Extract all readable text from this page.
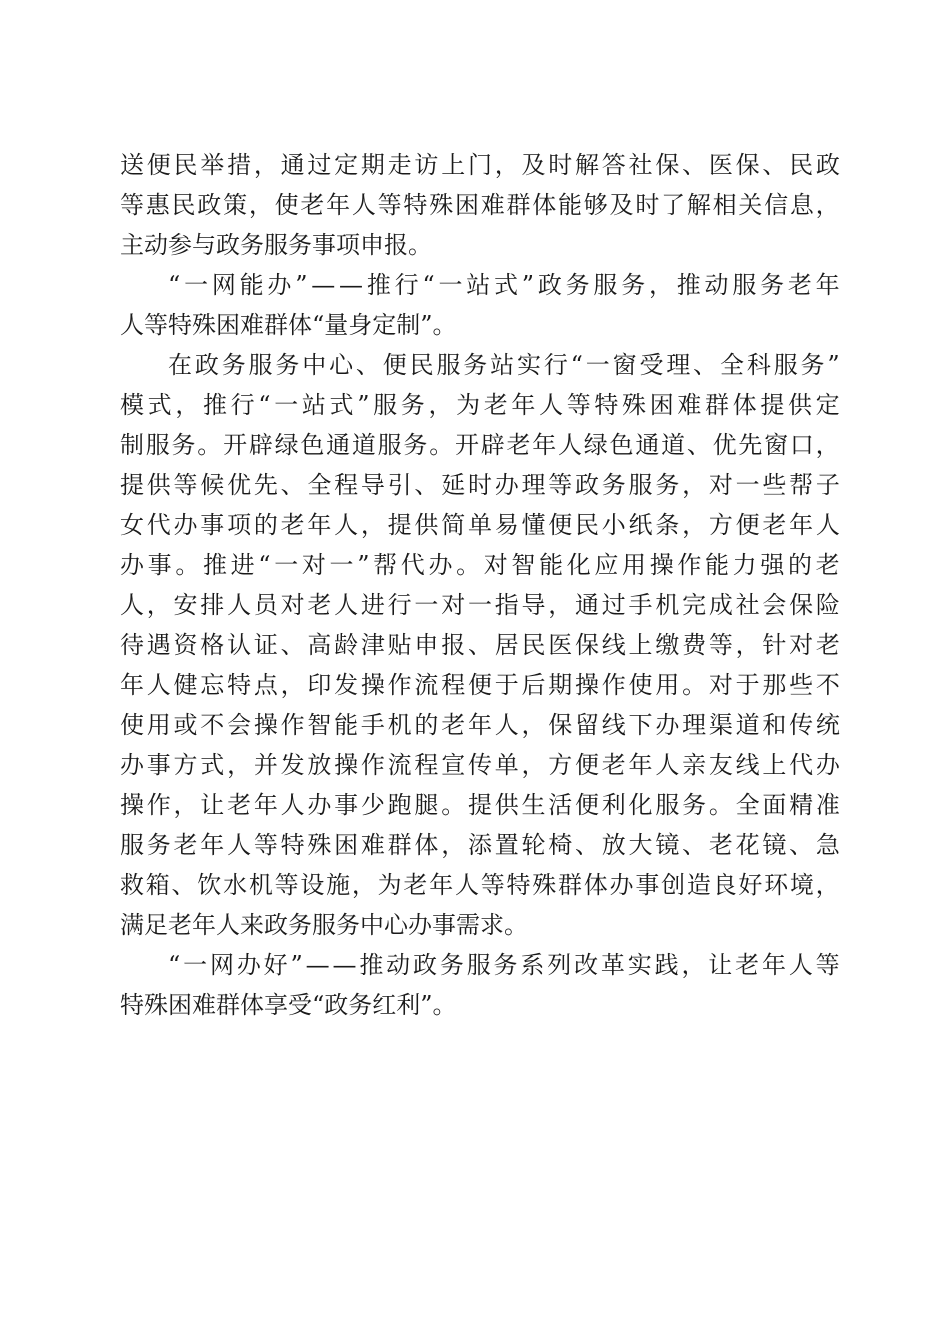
送 便 民 举 措 ， 通 过 定 期 走 访 上 门 ， 及 时 解 答 社 保 、 医 保 、 民 政
等 惠 民 政 策 ， 使 老 年 人 等 特 殊 困 难 群 体 能 够 及 时 了 解 相 关 信 息 ，
主动参与政务服务事项申报。
“ 一 网 能 办 ” — — 推 行 “ 一 站 式 ” 政 务 服 务 ， 推 动 服 务 老 年
人等特殊困难群体“量身定制”。
在 政 务 服 务 中 心 、 便 民 服 务 站 实 行 “ 一 窗 受 理 、 全 科 服 务 ”
模 式 ， 推 行 “ 一 站 式 ” 服 务 ， 为 老 年 人 等 特 殊 困 难 群 体 提 供 定
制 服 务 。 开 辟 绿 色 通 道 服 务 。 开 辟 老 年 人 绿 色 通 道 、 优 先 窗 口 ，
提 供 等 候 优 先 、 全 程 导 引 、 延 时 办 理 等 政 务 服 务 ， 对 一 些 帮 子
女 代 办 事 项 的 老 年 人 ， 提 供 简 单 易 懂 便 民 小 纸 条 ， 方 便 老 年 人
办 事 。 推 进 “ 一 对 一 ” 帮 代 办 。 对 智 能 化 应 用 操 作 能 力 强 的 老
人 ， 安 排 人 员 对 老 人 进 行 一 对 一 指 导 ， 通 过 手 机 完 成 社 会 保 险
待 遇 资 格 认 证 、 高 龄 津 贴 申 报 、 居 民 医 保 线 上 缴 费 等 ， 针 对 老
年 人 健 忘 特 点 ， 印 发 操 作 流 程 便 于 后 期 操 作 使 用 。 对 于 那 些 不
使 用 或 不 会 操 作 智 能 手 机 的 老 年 人 ， 保 留 线 下 办 理 渠 道 和 传 统
办 事 方 式 ， 并 发 放 操 作 流 程 宣 传 单 ， 方 便 老 年 人 亲 友 线 上 代 办
操 作 ， 让 老 年 人 办 事 少 跑 腿 。 提 供 生 活 便 利 化 服 务 。 全 面 精 准
服 务 老 年 人 等 特 殊 困 难 群 体 ， 添 置 轮 椅 、 放 大 镜 、 老 花 镜 、 急
救 箱 、 饮 水 机 等 设 施 ， 为 老 年 人 等 特 殊 群 体 办 事 创 造 良 好 环 境 ，
满足老年人来政务服务中心办事需求。
“ 一 网 办 好 ” — — 推 动 政 务 服 务 系 列 改 革 实 践 ， 让 老 年 人 等
特殊困难群体享受“政务红利”。
